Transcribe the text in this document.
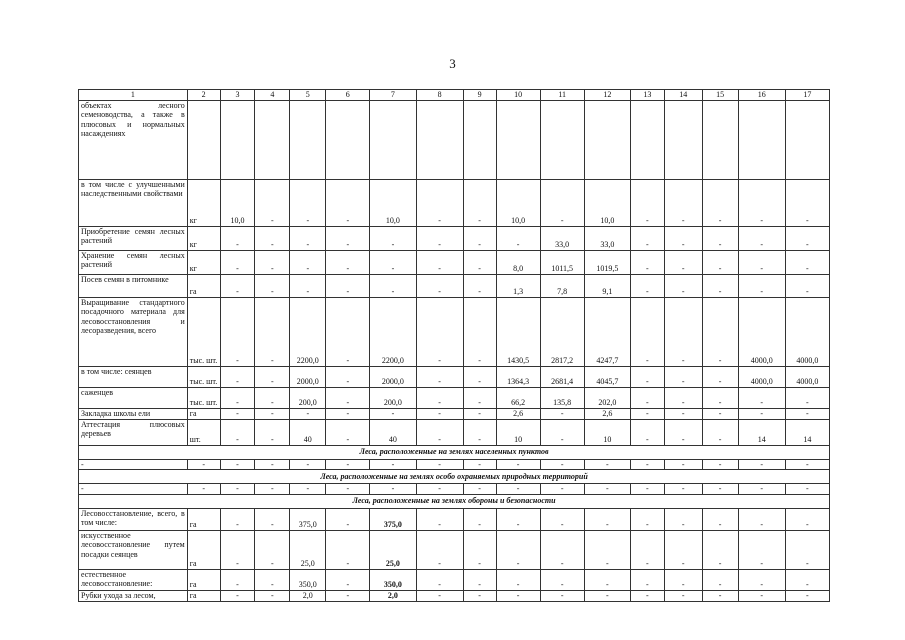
3
1	2	3	4	5	6	7	8	9	10	11	12	13	14	15	16	17
объектах лесного семеноводства, а также в плюсовых и нормальных насаждениях																
в том числе с улучшенными наследственными свойствами	кг	10,0	-	-	-	10,0	-	-	10,0	-	10,0	-	-	-	-	-
Приобретение семян лесных растений	кг	-	-	-	-	-	-	-	-	33,0	33,0	-	-	-	-	-
Хранение семян лесных растений	кг	-	-	-	-	-	-	-	8,0	1011,5	1019,5	-	-	-	-	-
Посев семян в питомнике	га	-	-	-	-	-	-	-	1,3	7,8	9,1	-	-	-	-	-
Выращивание стандартного посадочного материала для лесовосстановления и лесоразведения, всего	тыс. шт.	-	-	2200,0	-	2200,0	-	-	1430,5	2817,2	4247,7	-	-	-	4000,0	4000,0
в том числе: сеянцев	тыс. шт.	-	-	2000,0	-	2000,0	-	-	1364,3	2681,4	4045,7	-	-	-	4000,0	4000,0
саженцев	тыс. шт.	-	-	200,0	-	200,0	-	-	66,2	135,8	202,0	-	-	-	-	-
Закладка школы ели	га	-	-	-	-	-	-	-	2,6	-	2,6	-	-	-	-	-
Аттестация плюсовых деревьев	шт.	-	-	40	-	40	-	-	10	-	10	-	-	-	14	14
Леса, расположенные на землях населенных пунктов																
-	-	-	-	-	-	-	-	-	-	-	-	-	-	-	-	-
Леса, расположенные на землях особо охраняемых природных территорий																
-	-	-	-	-	-	-	-	-	-	-	-	-	-	-	-	-
Леса, расположенные на землях обороны и безопасности																
Лесовосстановление, всего, в том числе:	га	-	-	375,0	-	375,0	-	-	-	-	-	-	-	-	-	-
искусственное лесовосстановление путем посадки сеянцев	га	-	-	25,0	-	25,0	-	-	-	-	-	-	-	-	-	-
естественное лесовосстановление:	га	-	-	350,0	-	350,0	-	-	-	-	-	-	-	-	-	-
Рубки ухода за лесом,	га	-	-	2,0	-	2,0	-	-	-	-	-	-	-	-	-	-
